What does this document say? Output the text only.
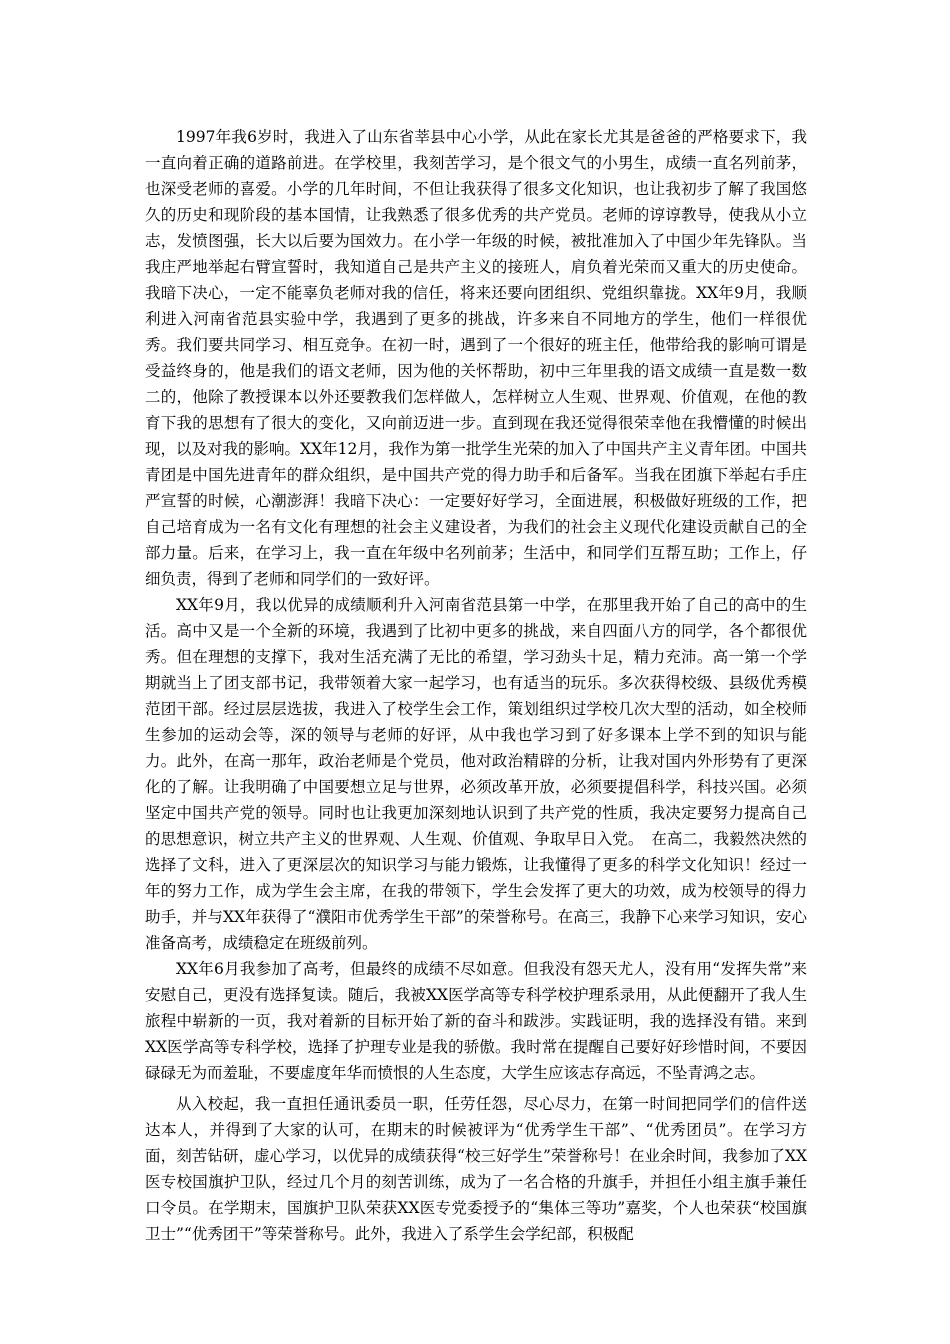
1997年我6岁时，我进入了山东省莘县中心小学，从此在家长尤其是爸爸的严格要求下，我一直向着正确的道路前进。在学校里，我刻苦学习，是个很文气的小男生，成绩一直名列前茅，也深受老师的喜爱。小学的几年时间，不但让我获得了很多文化知识，也让我初步了解了我国悠久的历史和现阶段的基本国情，让我熟悉了很多优秀的共产党员。老师的谆谆教导，使我从小立志，发愤图强，长大以后要为国效力。在小学一年级的时候，被批准加入了中国少年先锋队。当我庄严地举起右臂宣誓时，我知道自己是共产主义的接班人，肩负着光荣而又重大的历史使命。我暗下决心，一定不能辜负老师对我的信任，将来还要向团组织、党组织靠拢。XX年9月，我顺利进入河南省范县实验中学，我遇到了更多的挑战，许多来自不同地方的学生，他们一样很优秀。我们要共同学习、相互竞争。在初一时，遇到了一个很好的班主任，他带给我的影响可谓是受益终身的，他是我们的语文老师，因为他的关怀帮助，初中三年里我的语文成绩一直是数一数二的，他除了教授课本以外还要教我们怎样做人，怎样树立人生观、世界观、价值观，在他的教育下我的思想有了很大的变化，又向前迈进一步。直到现在我还觉得很荣幸他在我懵懂的时候出现，以及对我的影响。XX年12月，我作为第一批学生光荣的加入了中国共产主义青年团。中国共青团是中国先进青年的群众组织，是中国共产党的得力助手和后备军。当我在团旗下举起右手庄严宣誓的时候，心潮澎湃！我暗下决心：一定要好好学习，全面进展，积极做好班级的工作，把自己培育成为一名有文化有理想的社会主义建设者，为我们的社会主义现代化建设贡献自己的全部力量。后来，在学习上，我一直在年级中名列前茅；生活中，和同学们互帮互助；工作上，仔细负责，得到了老师和同学们的一致好评。

XX年9月，我以优异的成绩顺利升入河南省范县第一中学，在那里我开始了自己的高中的生活。高中又是一个全新的环境，我遇到了比初中更多的挑战，来自四面八方的同学，各个都很优秀。但在理想的支撑下，我对生活充满了无比的希望，学习劲头十足，精力充沛。高一第一个学期就当上了团支部书记，我带领着大家一起学习，也有适当的玩乐。多次获得校级、县级优秀模范团干部。经过层层选拔，我进入了校学生会工作，策划组织过学校几次大型的活动，如全校师生参加的运动会等，深的领导与老师的好评，从中我也学习到了好多课本上学不到的知识与能力。此外，在高一那年，政治老师是个党员，他对政治精辟的分析，让我对国内外形势有了更深化的了解。让我明确了中国要想立足与世界，必须改革开放，必须要提倡科学，科技兴国。必须坚定中国共产党的领导。同时也让我更加深刻地认识到了共产党的性质，我决定要努力提高自己的思想意识，树立共产主义的世界观、人生观、价值观、争取早日入党。　在高二，我毅然决然的选择了文科，进入了更深层次的知识学习与能力锻炼，让我懂得了更多的科学文化知识！经过一年的努力工作，成为学生会主席，在我的带领下，学生会发挥了更大的功效，成为校领导的得力助手，并与XX年获得了“濮阳市优秀学生干部”的荣誉称号。在高三，我静下心来学习知识，安心准备高考，成绩稳定在班级前列。

XX年6月我参加了高考，但最终的成绩不尽如意。但我没有怨天尤人，没有用“发挥失常”来安慰自己，更没有选择复读。随后，我被XX医学高等专科学校护理系录用，从此便翻开了我人生旅程中崭新的一页，我对着新的目标开始了新的奋斗和跋涉。实践证明，我的选择没有错。来到XX医学高等专科学校，选择了护理专业是我的骄傲。我时常在提醒自己要好好珍惜时间，不要因碌碌无为而羞耻，不要虚度年华而愤恨的人生态度，大学生应该志存高远，不坠青鸿之志。

从入校起，我一直担任通讯委员一职，任劳任怨，尽心尽力，在第一时间把同学们的信件送达本人，并得到了大家的认可，在期末的时候被评为“优秀学生干部”、“优秀团员”。在学习方面，刻苦钻研，虚心学习，以优异的成绩获得“校三好学生”荣誉称号！在业余时间，我参加了XX医专校国旗护卫队，经过几个月的刻苦训练，成为了一名合格的升旗手，并担任小组主旗手兼任口令员。在学期末，国旗护卫队荣获XX医专党委授予的“集体三等功”嘉奖，个人也荣获“校国旗卫士”“优秀团干”等荣誉称号。此外，我进入了系学生会学纪部，积极配
